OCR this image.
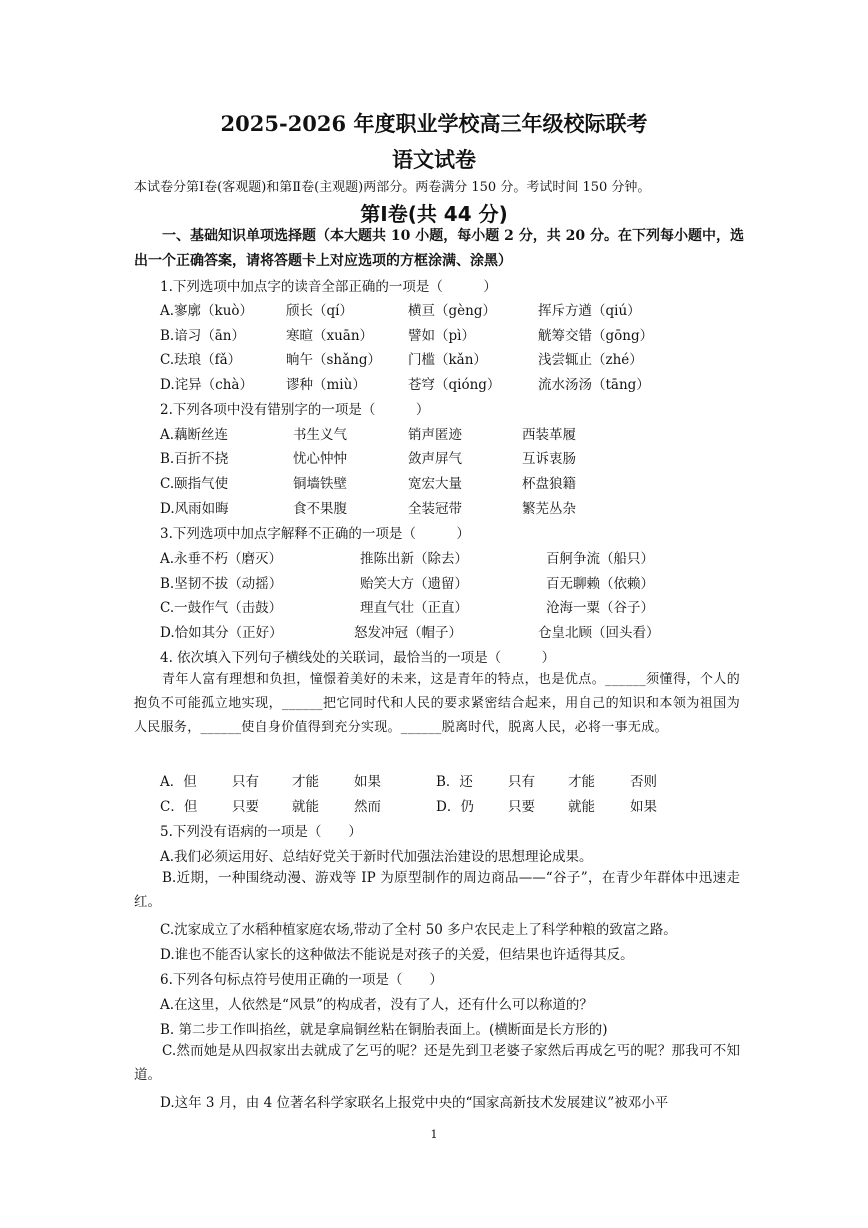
2025-2026 年度职业学校高三年级校际联考
语文试卷
本试卷分第Ⅰ卷(客观题)和第Ⅱ卷(主观题)两部分。两卷满分 150 分。考试时间 150 分钟。
第Ⅰ卷(共 44 分)
一、基础知识单项选择题（本大题共 10 小题，每小题 2 分，共 20 分。在下列每小题中，选出一个正确答案，请将答题卡上对应选项的方框涂满、涂黑）
1.下列选项中加点字的读音全部正确的一项是（　　　）
A.寥廓（kuò） 颀长（qí）	横亘（gèng）	挥斥方遒（qiú）
B.谙习（ān）	寒暄（xuān）	譬如（pì）	觥筹交错（gōng）
C.珐琅（fǎ）	晌午（shǎng） 门槛（kǎn）	浅尝辄止（zhé）
D.诧异（chà） 谬种（miù）	苍穹（qióng）	流水汤汤（tāng）
2.下列各项中没有错别字的一项是（　　　）
A.藕断丝连	书生义气	销声匿迹	西装革履
B.百折不挠	忧心忡忡	敛声屏气	互诉衷肠
C.颐指气使	铜墙铁壁	宽宏大量	杯盘狼籍
D.风雨如晦	食不果腹	全装冠带	繁芜丛杂
3.下列选项中加点字解释不正确的一项是（　　　）
A.永垂不朽（磨灭）	推陈出新（除去）	百舸争流（船只）
B.坚韧不拔（动摇）	贻笑大方（遗留）	百无聊赖（依赖）
C.一鼓作气（击鼓）	理直气壮（正直）	沧海一粟（谷子）
D.恰如其分（正好）	怒发冲冠（帽子）	仓皇北顾（回头看）
4. 依次填入下列句子横线处的关联词，最恰当的一项是（　　　）
青年人富有理想和负担，憧憬着美好的未来，这是青年的特点，也是优点。______须懂得，个人的抱负不可能孤立地实现，______把它同时代和人民的要求紧密结合起来，用自己的知识和本领为祖国为人民服务，______使自身价值得到充分实现。______脱离时代，脱离人民，必将一事无成。
A．但	只有 才能	如果	B．还	只有 才能	否则
C．但	只要 就能	然而	D．仍	只要 就能	如果
5.下列没有语病的一项是（　　）
A.我们必须运用好、总结好党关于新时代加强法治建设的思想理论成果。
B.近期，一种围绕动漫、游戏等 IP 为原型制作的周边商品——“谷子”，在青少年群体中迅速走红。
C.沈家成立了水稻种植家庭农场,带动了全村 50 多户农民走上了科学种粮的致富之路。
D.谁也不能否认家长的这种做法不能说是对孩子的关爱，但结果也许适得其反。
6.下列各句标点符号使用正确的一项是（　　）
A.在这里，人依然是“风景”的构成者，没有了人，还有什么可以称道的？
B. 第二步工作叫掐丝，就是拿扁铜丝粘在铜胎表面上。(横断面是长方形的)
C.然而她是从四叔家出去就成了乞丐的呢？还是先到卫老婆子家然后再成乞丐的呢？那我可不知道。
D.这年 3 月，由 4 位著名科学家联名上报党中央的“国家高新技术发展建议”被邓小平
1
